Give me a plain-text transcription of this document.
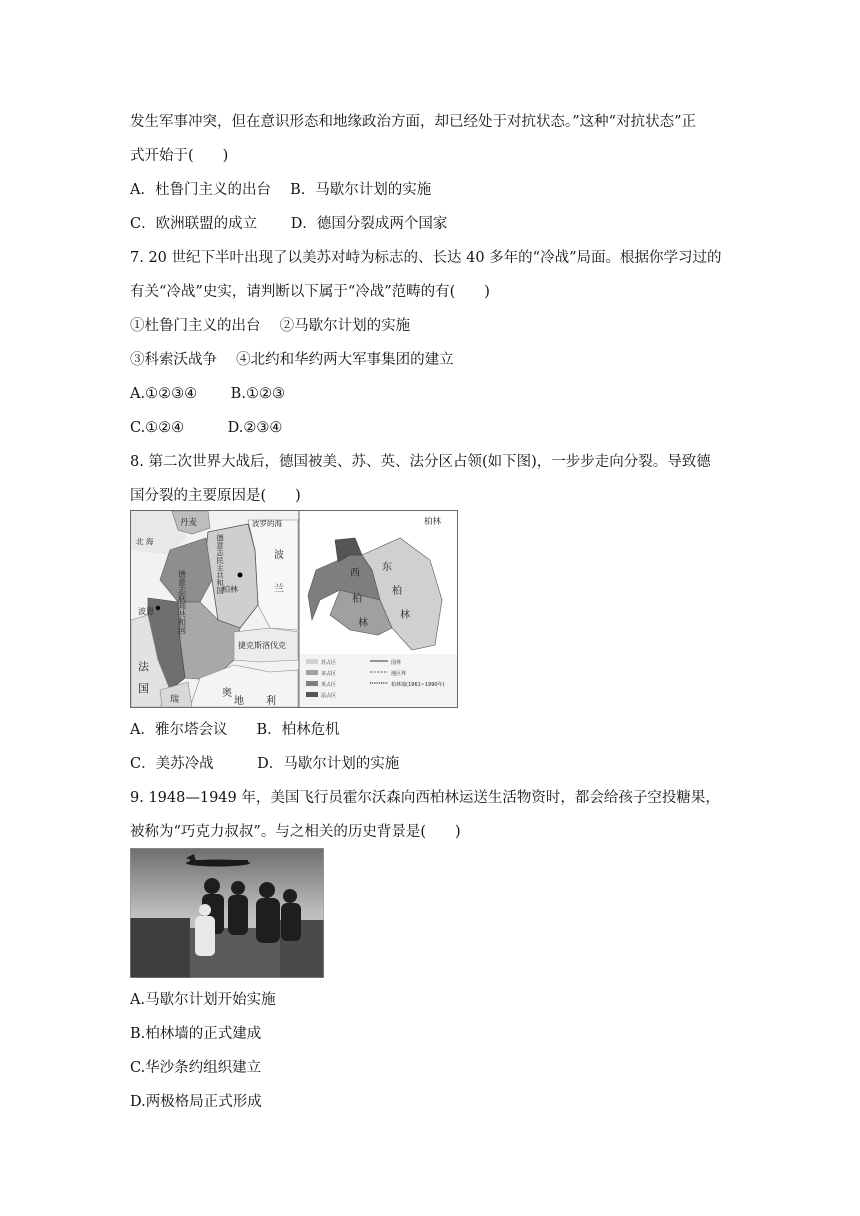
发生军事冲突，但在意识形态和地缘政治方面，却已经处于对抗状态。”这种“对抗状态”正
式开始于(　　)
A．杜鲁门主义的出台　 B．马歇尔计划的实施
C．欧洲联盟的成立　　 D．德国分裂成两个国家
7. 20 世纪下半叶出现了以美苏对峙为标志的、长达 40 多年的“冷战”局面。根据你学习过的
有关“冷战”史实，请判断以下属于“冷战”范畴的有(　　)
①杜鲁门主义的出台　 ②马歇尔计划的实施
③科索沃战争　 ④北约和华约两大军事集团的建立
A.①②③④　　 B.①②③
C.①②④　　　D.②③④
8. 第二次世界大战后，德国被美、苏、英、法分区占领(如下图)，一步步走向分裂。导致德
国分裂的主要原因是(　　)
丹麦
北 海
波罗的海
波
兰
柏林
德意志民主共和国
德意志联邦共和国
波恩
法
国
捷克斯洛伐克
瑞
奥
地 利
柏林
西
柏
林
东
柏
林
苏占区
美占区
英占区
法占区
国界
地区界
柏林墙(1961~1990年)
A．雅尔塔会议　　B．柏林危机
C．美苏冷战　　　D．马歇尔计划的实施
9. 1948—1949 年，美国飞行员霍尔沃森向西柏林运送生活物资时，都会给孩子空投糖果，
被称为“巧克力叔叔”。与之相关的历史背景是(　　)
A.马歇尔计划开始实施
B.柏林墙的正式建成
C.华沙条约组织建立
D.两极格局正式形成
